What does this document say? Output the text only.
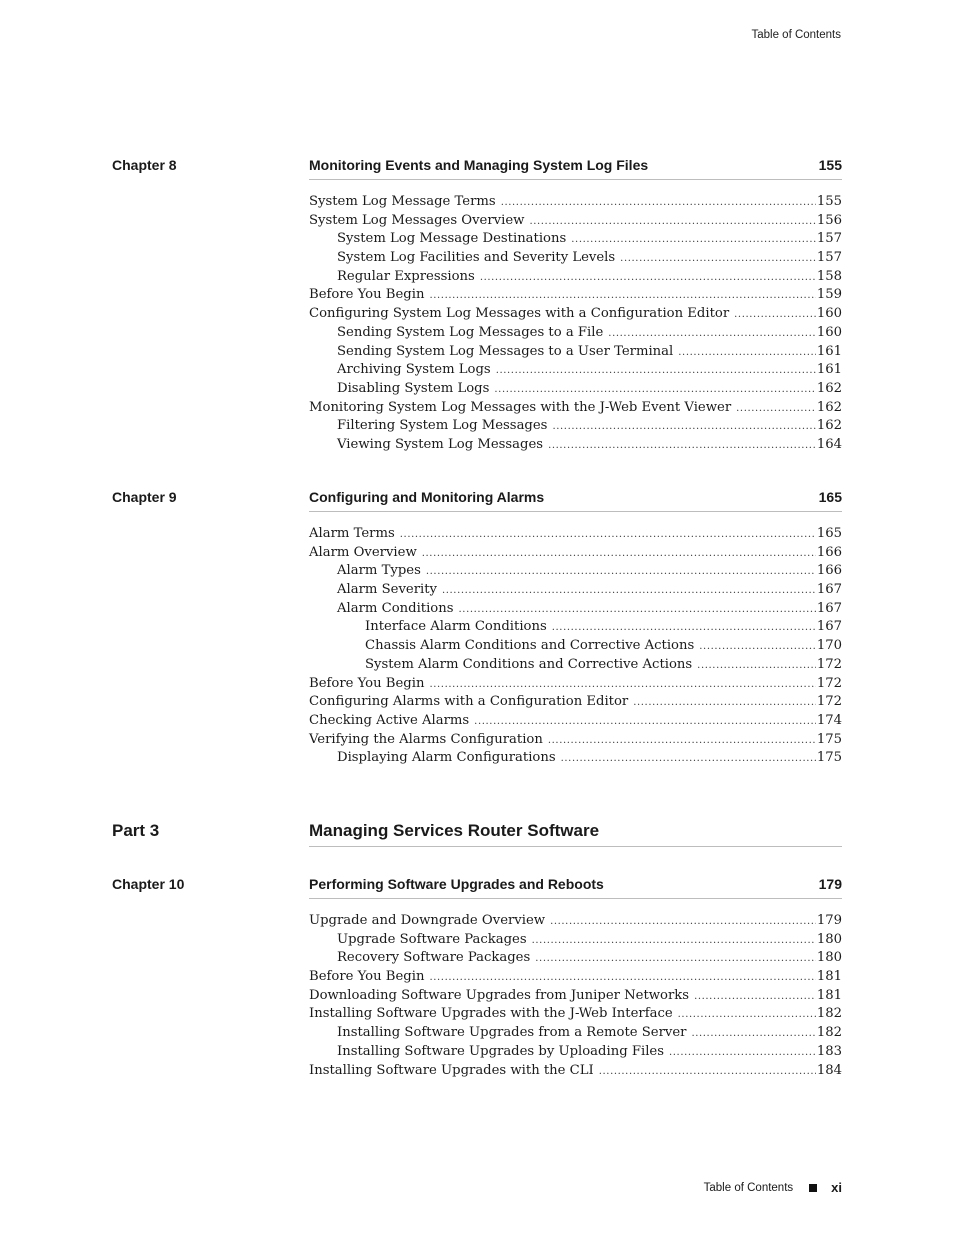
Table of Contents
Chapter 8	Monitoring Events and Managing System Log Files	155
System Log Message Terms .....	155
System Log Messages Overview .....	156
System Log Message Destinations .....	157
System Log Facilities and Severity Levels .....	157
Regular Expressions .....	158
Before You Begin .....	159
Configuring System Log Messages with a Configuration Editor .....	160
Sending System Log Messages to a File .....	160
Sending System Log Messages to a User Terminal .....	161
Archiving System Logs .....	161
Disabling System Logs .....	162
Monitoring System Log Messages with the J-Web Event Viewer .....	162
Filtering System Log Messages .....	162
Viewing System Log Messages .....	164
Chapter 9	Configuring and Monitoring Alarms	165
Alarm Terms .....	165
Alarm Overview .....	166
Alarm Types .....	166
Alarm Severity .....	167
Alarm Conditions .....	167
Interface Alarm Conditions .....	167
Chassis Alarm Conditions and Corrective Actions .....	170
System Alarm Conditions and Corrective Actions .....	172
Before You Begin .....	172
Configuring Alarms with a Configuration Editor .....	172
Checking Active Alarms .....	174
Verifying the Alarms Configuration .....	175
Displaying Alarm Configurations .....	175
Part 3	Managing Services Router Software
Chapter 10	Performing Software Upgrades and Reboots	179
Upgrade and Downgrade Overview .....	179
Upgrade Software Packages .....	180
Recovery Software Packages .....	180
Before You Begin .....	181
Downloading Software Upgrades from Juniper Networks .....	181
Installing Software Upgrades with the J-Web Interface .....	182
Installing Software Upgrades from a Remote Server .....	182
Installing Software Upgrades by Uploading Files .....	183
Installing Software Upgrades with the CLI .....	184
Table of Contents	xi
